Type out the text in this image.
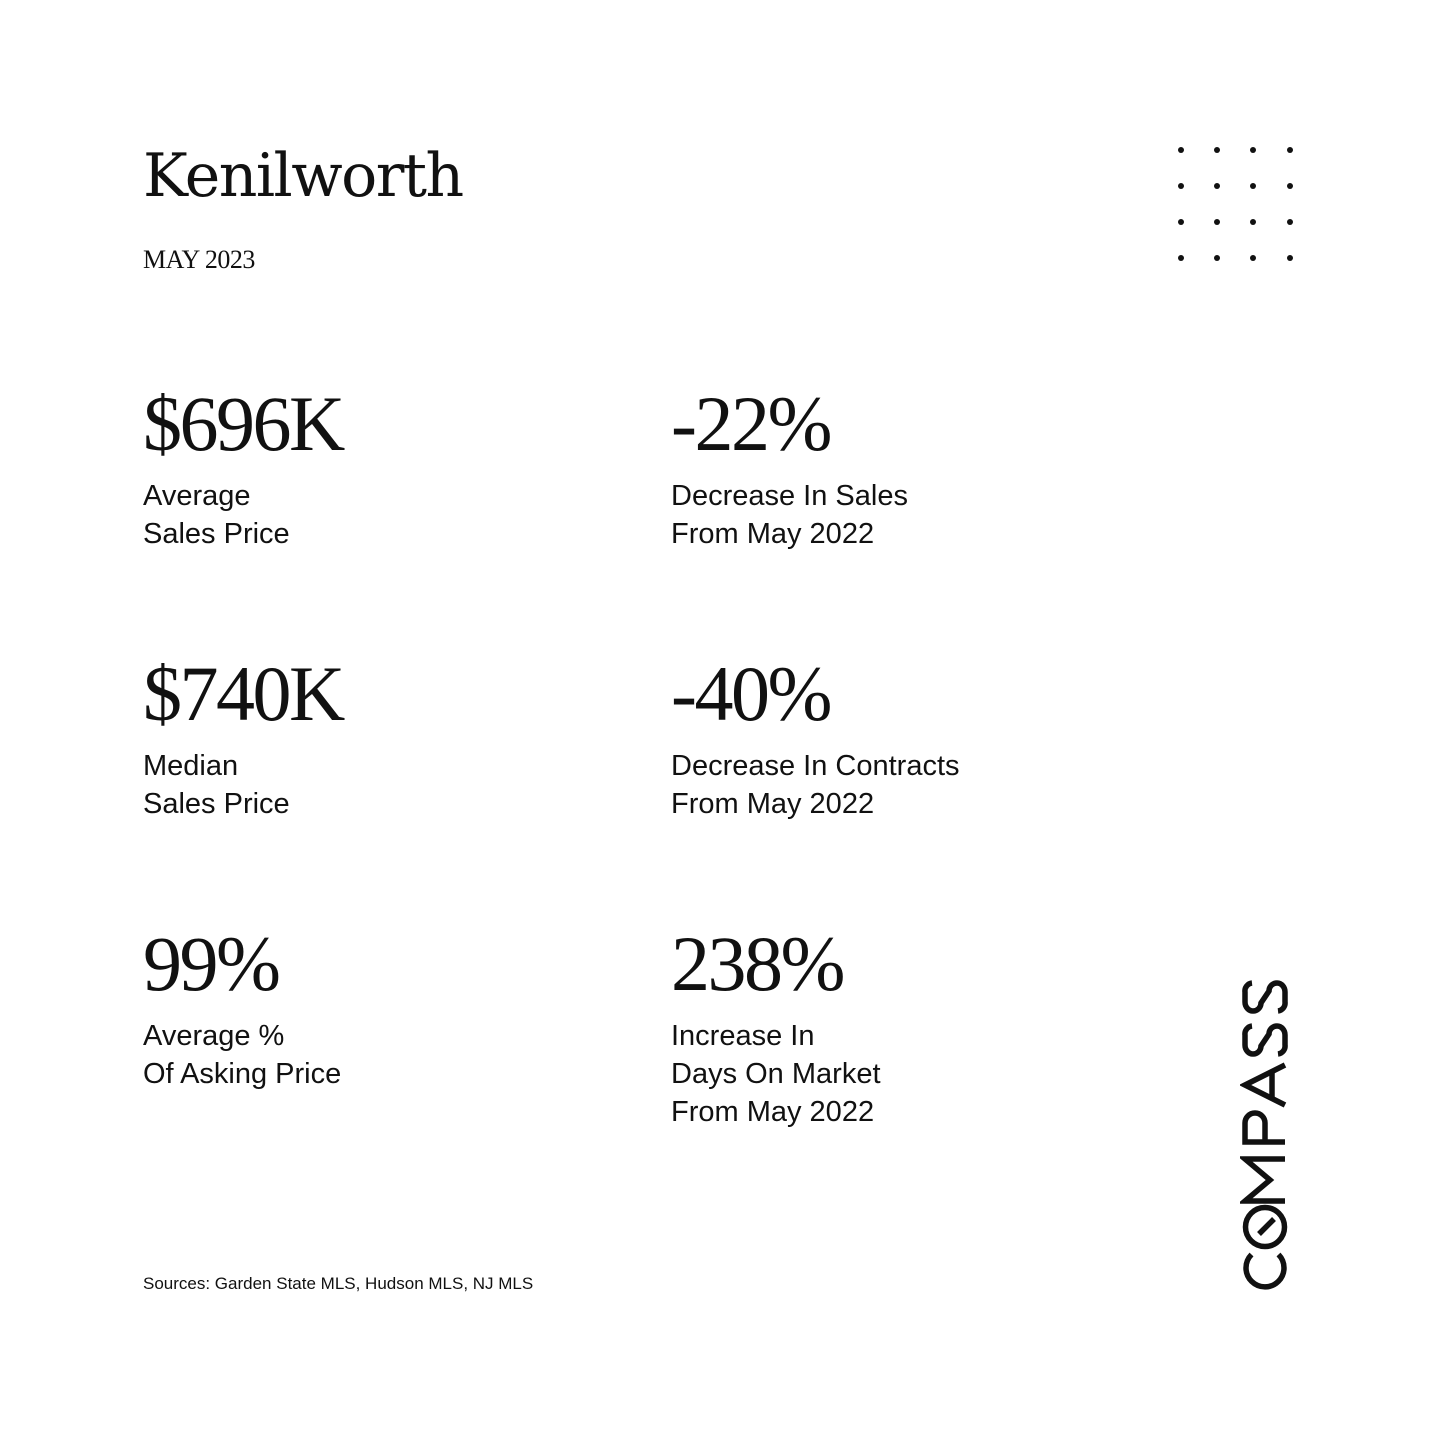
Kenilworth
MAY 2023
$696K
Average
Sales Price
-22%
Decrease In Sales
From May 2022
$740K
Median
Sales Price
-40%
Decrease In Contracts
From May 2022
99%
Average %
Of Asking Price
238%
Increase In
Days On Market
From May 2022
Sources: Garden State MLS, Hudson MLS, NJ MLS
